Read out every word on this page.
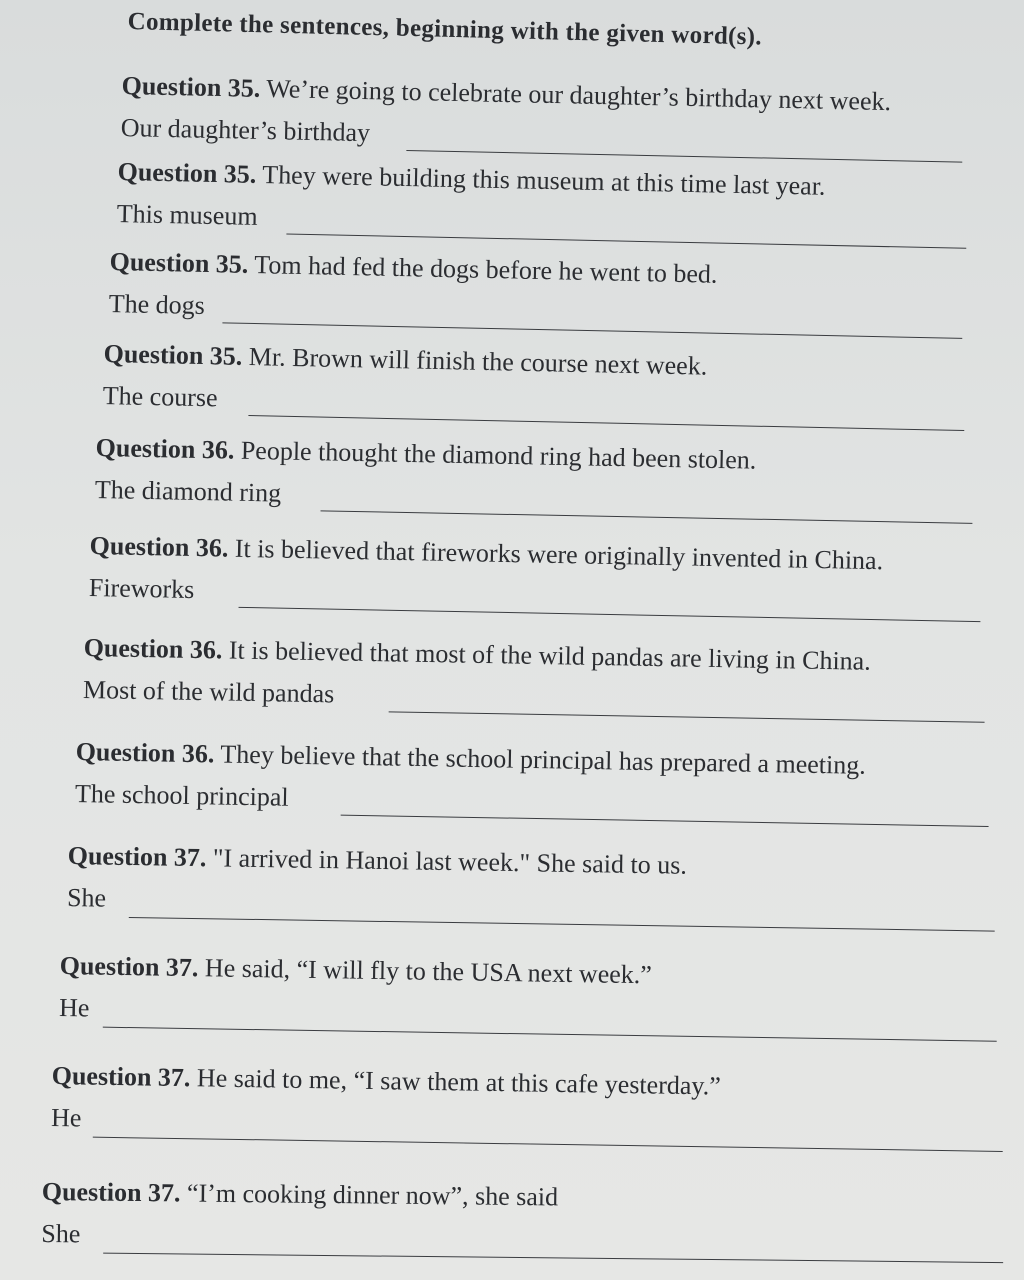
Complete the sentences, beginning with the given word(s).
Question 35. We’re going to celebrate our daughter’s birthday next week.
Our daughter’s birthday
Question 35. They were building this museum at this time last year.
This museum
Question 35. Tom had fed the dogs before he went to bed.
The dogs
Question 35. Mr. Brown will finish the course next week.
The course
Question 36. People thought the diamond ring had been stolen.
The diamond ring
Question 36. It is believed that fireworks were originally invented in China.
Fireworks
Question 36. It is believed that most of the wild pandas are living in China.
Most of the wild pandas
Question 36. They believe that the school principal has prepared a meeting.
The school principal
Question 37. "I arrived in Hanoi last week." She said to us.
She
Question 37. He said, “I will fly to the USA next week.”
He
Question 37. He said to me, “I saw them at this cafe yesterday.”
He
Question 37. “I’m cooking dinner now”, she said
She
